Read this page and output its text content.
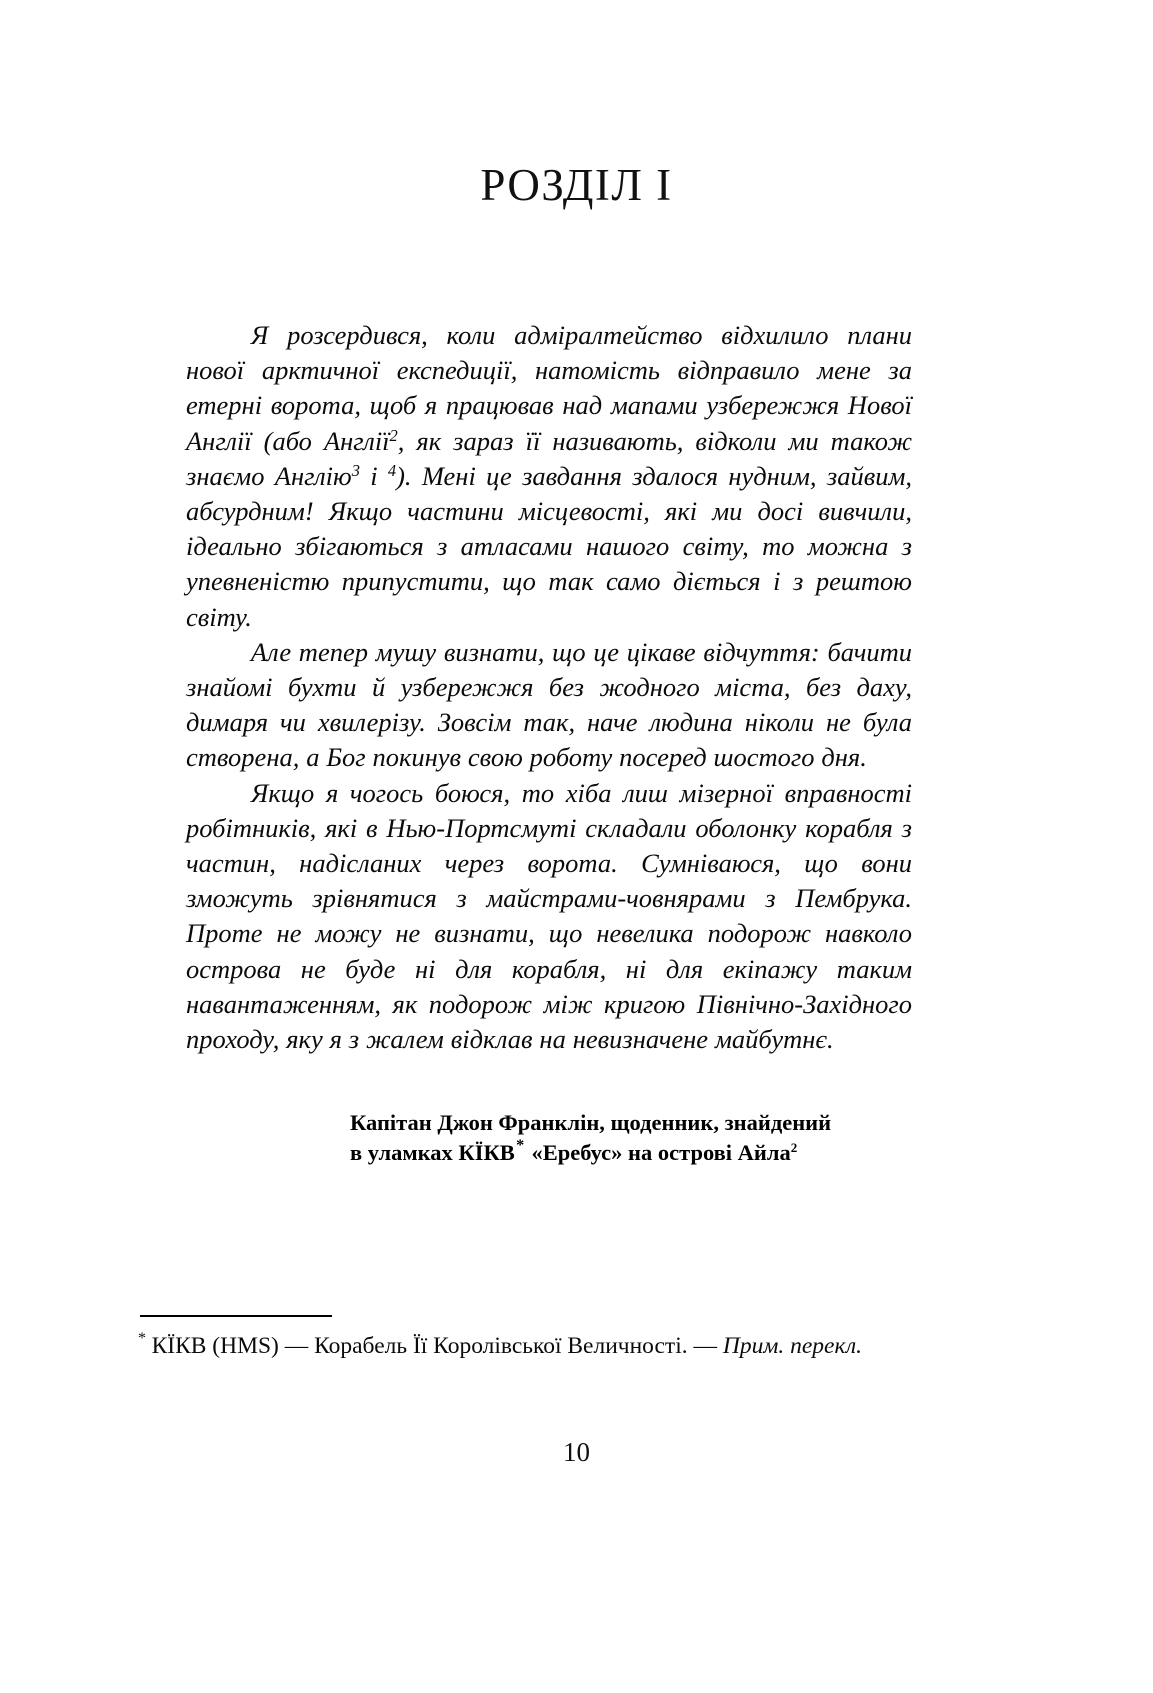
РОЗДІЛ I

Я розсердився, коли адміралтейство відхилило плани нової арктичної експедиції, натомість відправило мене за етерні ворота, щоб я працював над мапами узбережжя Нової Англії (або Англії$^2$, як зараз її називають, відколи ми також знаємо Англію$^3$ і $^4$). Мені це завдання здалося нудним, зайвим, абсурдним! Якщо частини місцевості, які ми досі вивчили, ідеально збігаються з атласами нашого світу, то можна з упевненістю припустити, що так само діється і з рештою світу.

Але тепер мушу визнати, що це цікаве відчуття: бачити знайомі бухти й узбережжя без жодного міста, без даху, димаря чи хвилерізу. Зовсім так, наче людина ніколи не була створена, а Бог покинув свою роботу посеред шостого дня.

Якщо я чогось боюся, то хіба лиш мізерної вправності робітників, які в Нью-Портсмуті складали оболонку корабля з частин, надісланих через ворота. Сумніваюся, що вони зможуть зрівнятися з майстрами-човнярами з Пембрука. Проте не можу не визнати, що невелика подорож навколо острова не буде ні для корабля, ні для екіпажу таким навантаженням, як подорож між кригою Північно-Західного проходу, яку я з жалем відклав на невизначене майбутнє.

Капітан Джон Франклін, щоденник, знайдений
в уламках КЇКВ* «Еребус» на острові Айла$^2$
* КЇКВ (HMS) — Корабель Її Королівської Величності. — Прим. перекл.
10
